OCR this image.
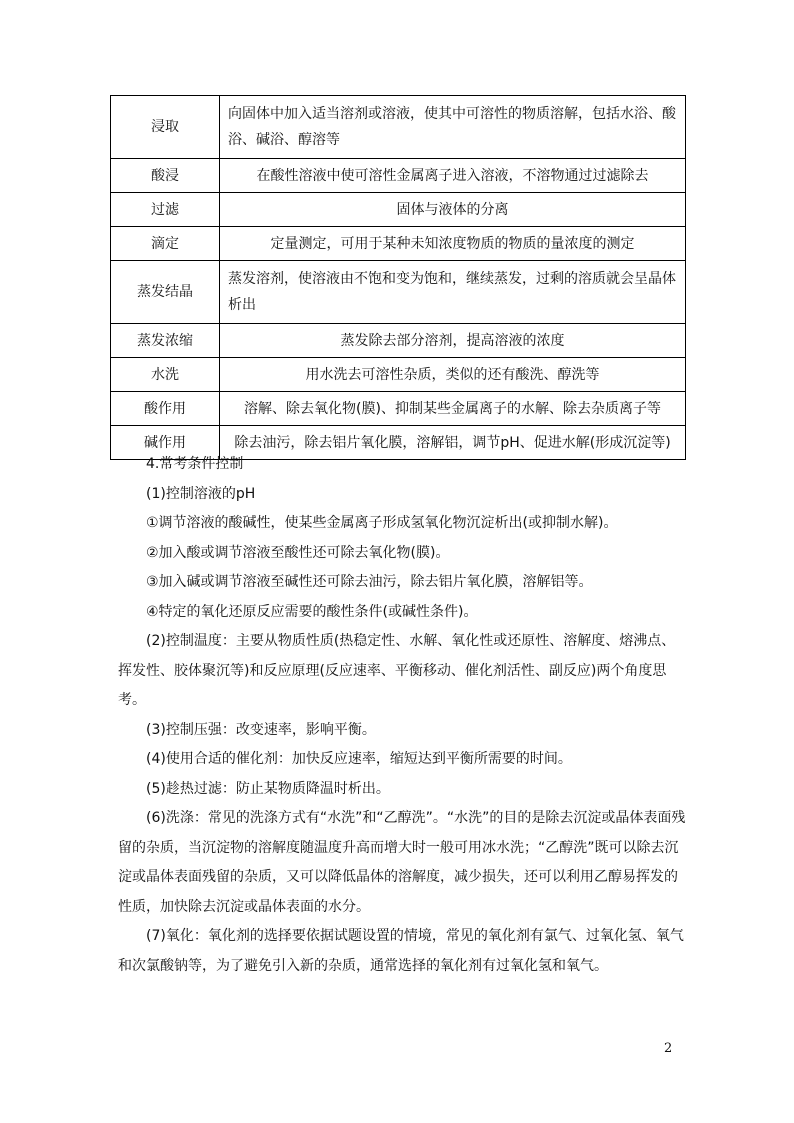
浸取	向固体中加入适当溶剂或溶液，使其中可溶性的物质溶解，包括水浴、酸浴、碱浴、醇溶等
酸浸	在酸性溶液中使可溶性金属离子进入溶液，不溶物通过过滤除去
过滤	固体与液体的分离
滴定	定量测定，可用于某种未知浓度物质的物质的量浓度的测定
蒸发结晶	蒸发溶剂，使溶液由不饱和变为饱和，继续蒸发，过剩的溶质就会呈晶体析出
蒸发浓缩	蒸发除去部分溶剂，提高溶液的浓度
水洗	用水洗去可溶性杂质，类似的还有酸洗、醇洗等
酸作用	溶解、除去氧化物(膜)、抑制某些金属离子的水解、除去杂质离子等
碱作用	除去油污，除去铝片氧化膜，溶解铝，调节pH、促进水解(形成沉淀等)

4.常考条件控制

(1)控制溶液的pH

①调节溶液的酸碱性，使某些金属离子形成氢氧化物沉淀析出(或抑制水解)。

②加入酸或调节溶液至酸性还可除去氧化物(膜)。

③加入碱或调节溶液至碱性还可除去油污，除去铝片氧化膜，溶解铝等。

④特定的氧化还原反应需要的酸性条件(或碱性条件)。

(2)控制温度：主要从物质性质(热稳定性、水解、氧化性或还原性、溶解度、熔沸点、挥发性、胶体聚沉等)和反应原理(反应速率、平衡移动、催化剂活性、副反应)两个角度思考。

(3)控制压强：改变速率，影响平衡。

(4)使用合适的催化剂：加快反应速率，缩短达到平衡所需要的时间。

(5)趁热过滤：防止某物质降温时析出。

(6)洗涤：常见的洗涤方式有“水洗”和“乙醇洗”。“水洗”的目的是除去沉淀或晶体表面残留的杂质，当沉淀物的溶解度随温度升高而增大时一般可用冰水洗；“乙醇洗”既可以除去沉淀或晶体表面残留的杂质，又可以降低晶体的溶解度，减少损失，还可以利用乙醇易挥发的性质，加快除去沉淀或晶体表面的水分。

(7)氧化：氧化剂的选择要依据试题设置的情境，常见的氧化剂有氯气、过氧化氢、氧气和次氯酸钠等，为了避免引入新的杂质，通常选择的氧化剂有过氧化氢和氧气。

2
